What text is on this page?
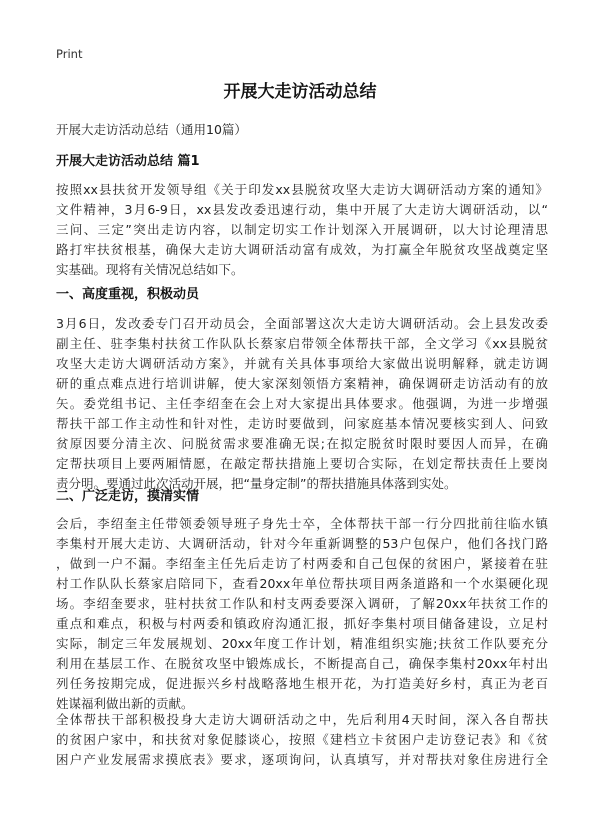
Print
开展大走访活动总结
开展大走访活动总结（通用10篇）
开展大走访活动总结 篇1
按照xx县扶贫开发领导组《关于印发xx县脱贫攻坚大走访大调研活动方案的通知》
文件精神，3月6-9日，xx县发改委迅速行动，集中开展了大走访大调研活动，以“
三问、三定”突出走访内容，以制定切实工作计划深入开展调研，以大讨论理清思
路打牢扶贫根基，确保大走访大调研活动富有成效，为打赢全年脱贫攻坚战奠定坚
实基础。现将有关情况总结如下。
一、高度重视，积极动员
3月6日，发改委专门召开动员会，全面部署这次大走访大调研活动。会上县发改委
副主任、驻李集村扶贫工作队队长蔡家启带领全体帮扶干部，全文学习《xx县脱贫
攻坚大走访大调研活动方案》，并就有关具体事项给大家做出说明解释，就走访调
研的重点难点进行培训讲解，使大家深刻领悟方案精神，确保调研走访活动有的放
矢。委党组书记、主任李绍奎在会上对大家提出具体要求。他强调，为进一步增强
帮扶干部工作主动性和针对性，走访时要做到，问家庭基本情况要核实到人、问致
贫原因要分清主次、问脱贫需求要准确无误;在拟定脱贫时限时要因人而异，在确
定帮扶项目上要两厢情愿，在敲定帮扶措施上要切合实际，在划定帮扶责任上要岗
责分明。要通过此次活动开展，把“量身定制”的帮扶措施具体落到实处。
二、广泛走访，摸清实情
会后，李绍奎主任带领委领导班子身先士卒，全体帮扶干部一行分四批前往临水镇
李集村开展大走访、大调研活动，针对今年重新调整的53户包保户，他们各找门路
，做到一户不漏。李绍奎主任先后走访了村两委和自己包保的贫困户，紧接着在驻
村工作队队长蔡家启陪同下，查看20xx年单位帮扶项目两条道路和一个水渠硬化现
场。李绍奎要求，驻村扶贫工作队和村支两委要深入调研，了解20xx年扶贫工作的
重点和难点，积极与村两委和镇政府沟通汇报，抓好李集村项目储备建设，立足村
实际，制定三年发展规划、20xx年度工作计划，精准组织实施;扶贫工作队要充分
利用在基层工作、在脱贫攻坚中锻炼成长，不断提高自己，确保李集村20xx年村出
列任务按期完成，促进振兴乡村战略落地生根开花，为打造美好乡村，真正为老百
姓谋福利做出新的贡献。
全体帮扶干部积极投身大走访大调研活动之中，先后利用4天时间，深入各自帮扶
的贫困户家中，和扶贫对象促膝谈心，按照《建档立卡贫困户走访登记表》和《贫
困户产业发展需求摸底表》要求，逐项询问，认真填写，并对帮扶对象住房进行全
